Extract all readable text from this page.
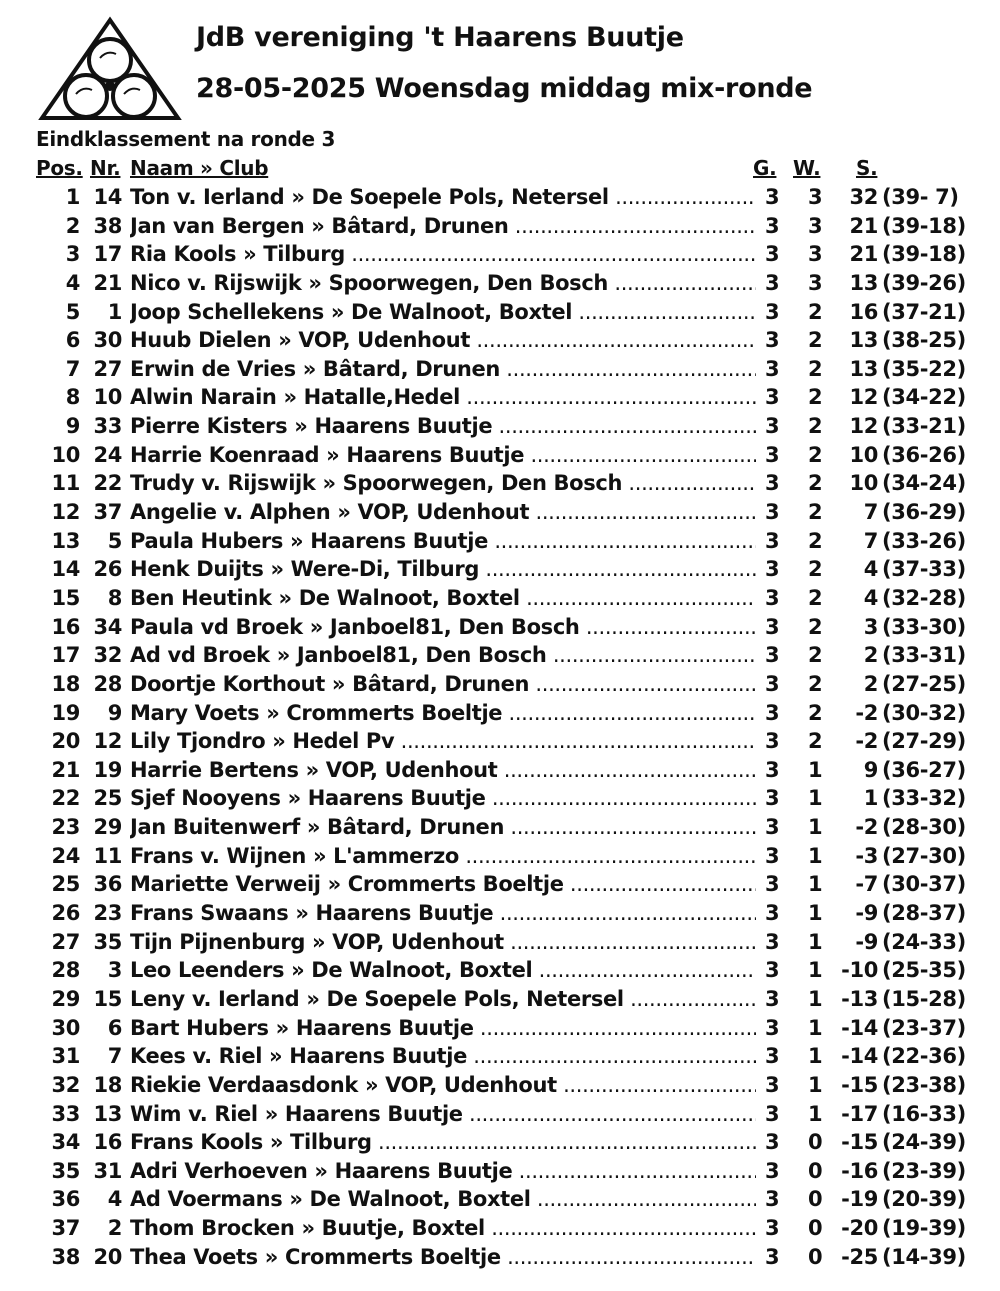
JdB vereniging 't Haarens Buutje
28-05-2025 Woensdag middag mix-ronde
Eindklassement na ronde 3
Pos. Nr. Naam » Club	G. W. S.
1 14 Ton v. Ierland » De Soepele Pols, Netersel .....	3 3 32 (39- 7)
2 38 Jan van Bergen » Bâtard, Drunen .....	3 3 21 (39-18)
3 17 Ria Kools » Tilburg .....	3 3 21 (39-18)
4 21 Nico v. Rijswijk » Spoorwegen, Den Bosch .....	3 3 13 (39-26)
5 1 Joop Schellekens » De Walnoot, Boxtel .....	3 2 16 (37-21)
6 30 Huub Dielen » VOP, Udenhout .....	3 2 13 (38-25)
7 27 Erwin de Vries » Bâtard, Drunen .....	3 2 13 (35-22)
8 10 Alwin Narain » Hatalle,Hedel .....	3 2 12 (34-22)
9 33 Pierre Kisters » Haarens Buutje .....	3 2 12 (33-21)
10 24 Harrie Koenraad » Haarens Buutje .....	3 2 10 (36-26)
11 22 Trudy v. Rijswijk » Spoorwegen, Den Bosch .....	3 2 10 (34-24)
12 37 Angelie v. Alphen » VOP, Udenhout .....	3 2 7 (36-29)
13 5 Paula Hubers » Haarens Buutje .....	3 2 7 (33-26)
14 26 Henk Duijts » Were-Di, Tilburg .....	3 2 4 (37-33)
15 8 Ben Heutink » De Walnoot, Boxtel .....	3 2 4 (32-28)
16 34 Paula vd Broek » Janboel81, Den Bosch .....	3 2 3 (33-30)
17 32 Ad vd Broek » Janboel81, Den Bosch .....	3 2 2 (33-31)
18 28 Doortje Korthout » Bâtard, Drunen .....	3 2 2 (27-25)
19 9 Mary Voets » Crommerts Boeltje .....	3 2 -2 (30-32)
20 12 Lily Tjondro » Hedel Pv .....	3 2 -2 (27-29)
21 19 Harrie Bertens » VOP, Udenhout .....	3 1 9 (36-27)
22 25 Sjef Nooyens » Haarens Buutje .....	3 1 1 (33-32)
23 29 Jan Buitenwerf » Bâtard, Drunen .....	3 1 -2 (28-30)
24 11 Frans v. Wijnen » L'ammerzo .....	3 1 -3 (27-30)
25 36 Mariette Verweij » Crommerts Boeltje .....	3 1 -7 (30-37)
26 23 Frans Swaans » Haarens Buutje .....	3 1 -9 (28-37)
27 35 Tijn Pijnenburg » VOP, Udenhout .....	3 1 -9 (24-33)
28 3 Leo Leenders » De Walnoot, Boxtel .....	3 1 -10 (25-35)
29 15 Leny v. Ierland » De Soepele Pols, Netersel .....	3 1 -13 (15-28)
30 6 Bart Hubers » Haarens Buutje .....	3 1 -14 (23-37)
31 7 Kees v. Riel » Haarens Buutje .....	3 1 -14 (22-36)
32 18 Riekie Verdaasdonk » VOP, Udenhout .....	3 1 -15 (23-38)
33 13 Wim v. Riel » Haarens Buutje .....	3 1 -17 (16-33)
34 16 Frans Kools » Tilburg .....	3 0 -15 (24-39)
35 31 Adri Verhoeven » Haarens Buutje .....	3 0 -16 (23-39)
36 4 Ad Voermans » De Walnoot, Boxtel .....	3 0 -19 (20-39)
37 2 Thom Brocken » Buutje, Boxtel .....	3 0 -20 (19-39)
38 20 Thea Voets » Crommerts Boeltje .....	3 0 -25 (14-39)
